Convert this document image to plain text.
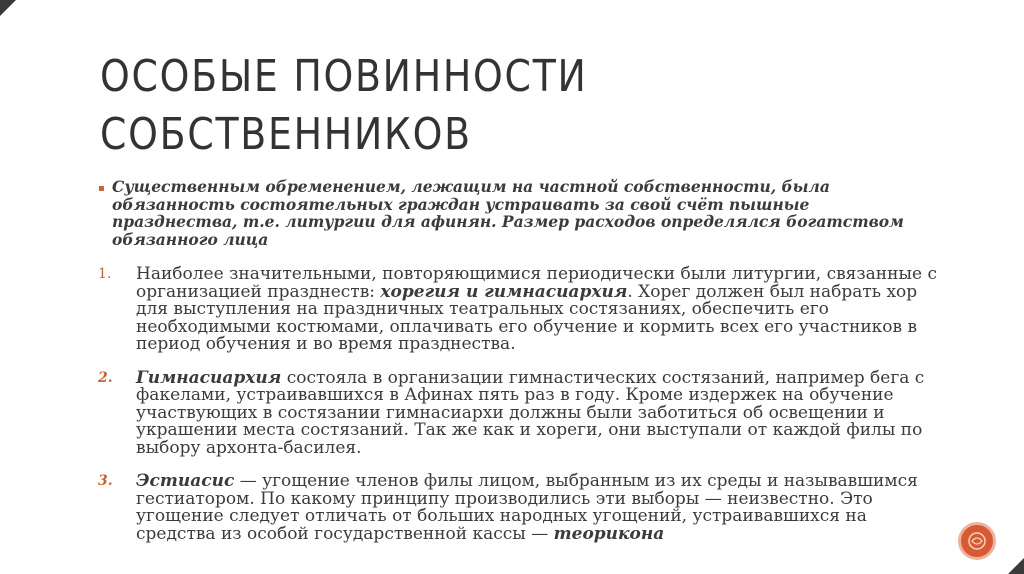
ОСОБЫЕ ПОВИННОСТИ СОБСТВЕННИКОВ
▪ Существенным обременением, лежащим на частной собственности, была обязанность состоятельных граждан устраивать за свой счёт пышные празднества, т.е. литургии для афинян. Размер расходов определялся богатством обязанного лица
1. Наиболее значительными, повторяющимися периодически были литургии, связанные с организацией празднеств: хорегия и гимнасиархия. Хорег должен был набрать хор для выступления на праздничных театральных состязаниях, обеспечить его необходимыми костюмами, оплачивать его обучение и кормить всех его участников в период обучения и во время празднества.
2. Гимнасиархия состояла в организации гимнастических состязаний, например бега с факелами, устраивавшихся в Афинах пять раз в году. Кроме издержек на обучение участвующих в состязании гимнасиархи должны были заботиться об освещении и украшении места состязаний. Так же как и хореги, они выступали от каждой филы по выбору архонта-басилея.
3. Эстиасис — угощение членов филы лицом, выбранным из их среды и называвшимся гестиатором. По какому принципу производились эти выборы — неизвестно. Это угощение следует отличать от больших народных угощений, устраивавшихся на средства из особой государственной кассы — теорикона
